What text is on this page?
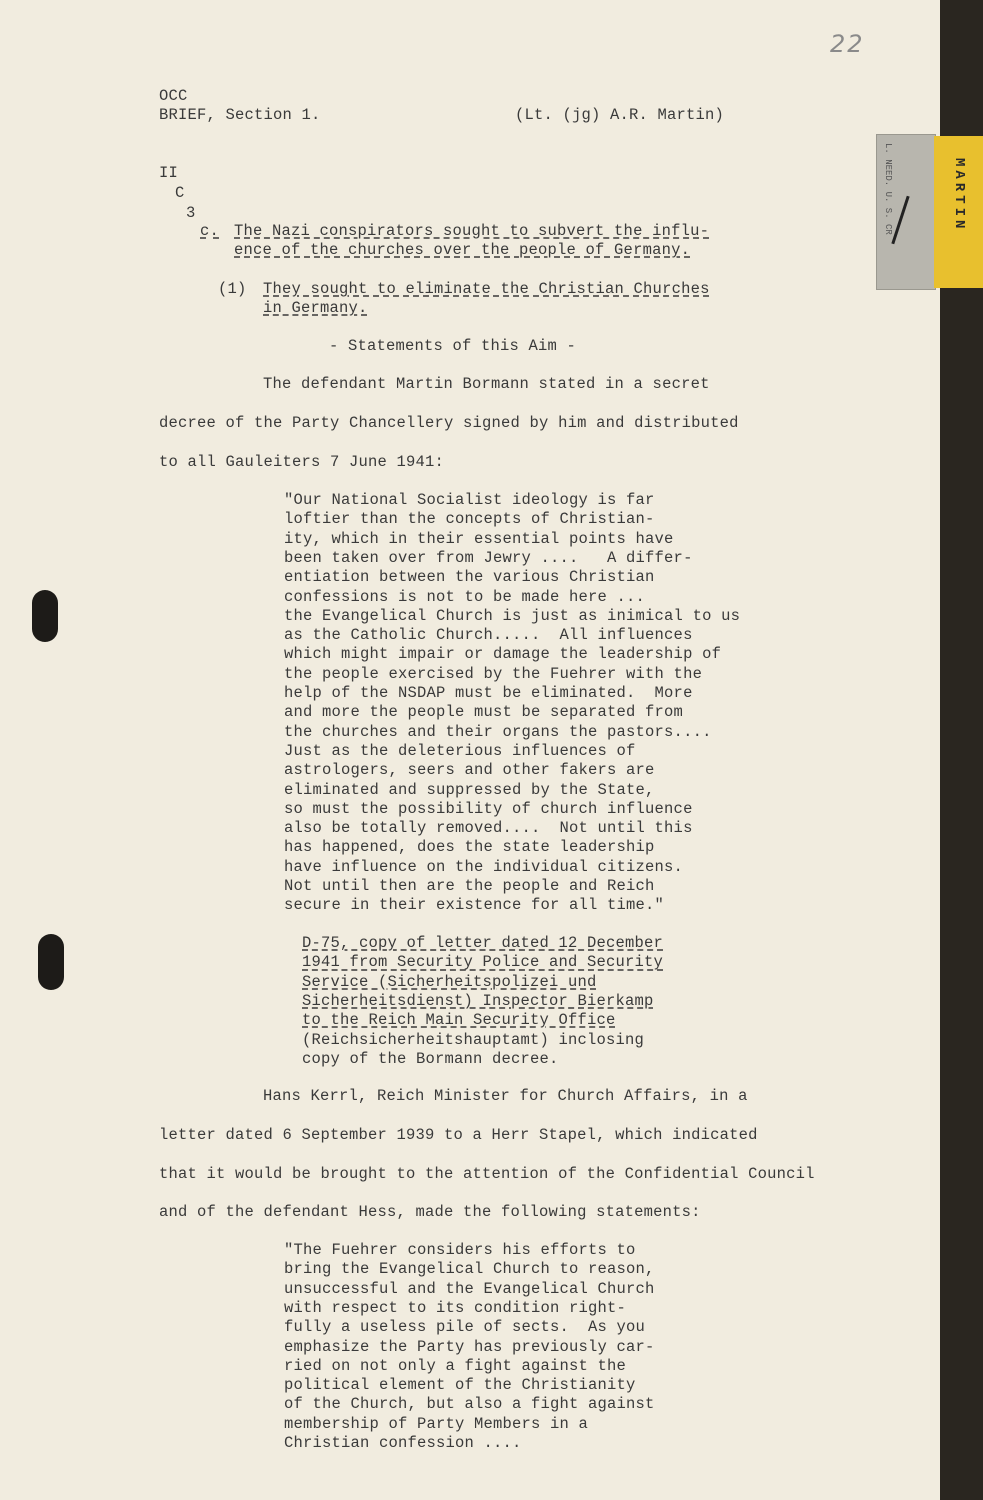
22
OCC
BRIEF, Section 1.	(Lt. (jg) A.R. Martin)
II
C
3
c. The Nazi conspirators sought to subvert the influ-
ence of the churches over the people of Germany.
(1) They sought to eliminate the Christian Churches
in Germany.
- Statements of this Aim -
The defendant Martin Bormann stated in a secret
decree of the Party Chancellery signed by him and distributed
to all Gauleiters 7 June 1941:
"Our National Socialist ideology is far
loftier than the concepts of Christian-
ity, which in their essential points have
been taken over from Jewry ....   A differ-
entiation between the various Christian
confessions is not to be made here ...
the Evangelical Church is just as inimical to us
as the Catholic Church.....  All influences
which might impair or damage the leadership of
the people exercised by the Fuehrer with the
help of the NSDAP must be eliminated.  More
and more the people must be separated from
the churches and their organs the pastors....
Just as the deleterious influences of
astrologers, seers and other fakers are
eliminated and suppressed by the State,
so must the possibility of church influence
also be totally removed....  Not until this
has happened, does the state leadership
have influence on the individual citizens.
Not until then are the people and Reich
secure in their existence for all time."
D-75, copy of letter dated 12 December
1941 from Security Police and Security
Service (Sicherheitspolizei und
Sicherheitsdienst) Inspector Bierkamp
to the Reich Main Security Office
(Reichsicherheitshauptamt) inclosing
copy of the Bormann decree.
Hans Kerrl, Reich Minister for Church Affairs, in a
letter dated 6 September 1939 to a Herr Stapel, which indicated
that it would be brought to the attention of the Confidential Council
and of the defendant Hess, made the following statements:
"The Fuehrer considers his efforts to
bring the Evangelical Church to reason,
unsuccessful and the Evangelical Church
with respect to its condition right-
fully a useless pile of sects.  As you
emphasize the Party has previously car-
ried on not only a fight against the
political element of the Christianity
of the Church, but also a fight against
membership of Party Members in a
Christian confession ....
L. NEED. U. S. CR	MARTIN
